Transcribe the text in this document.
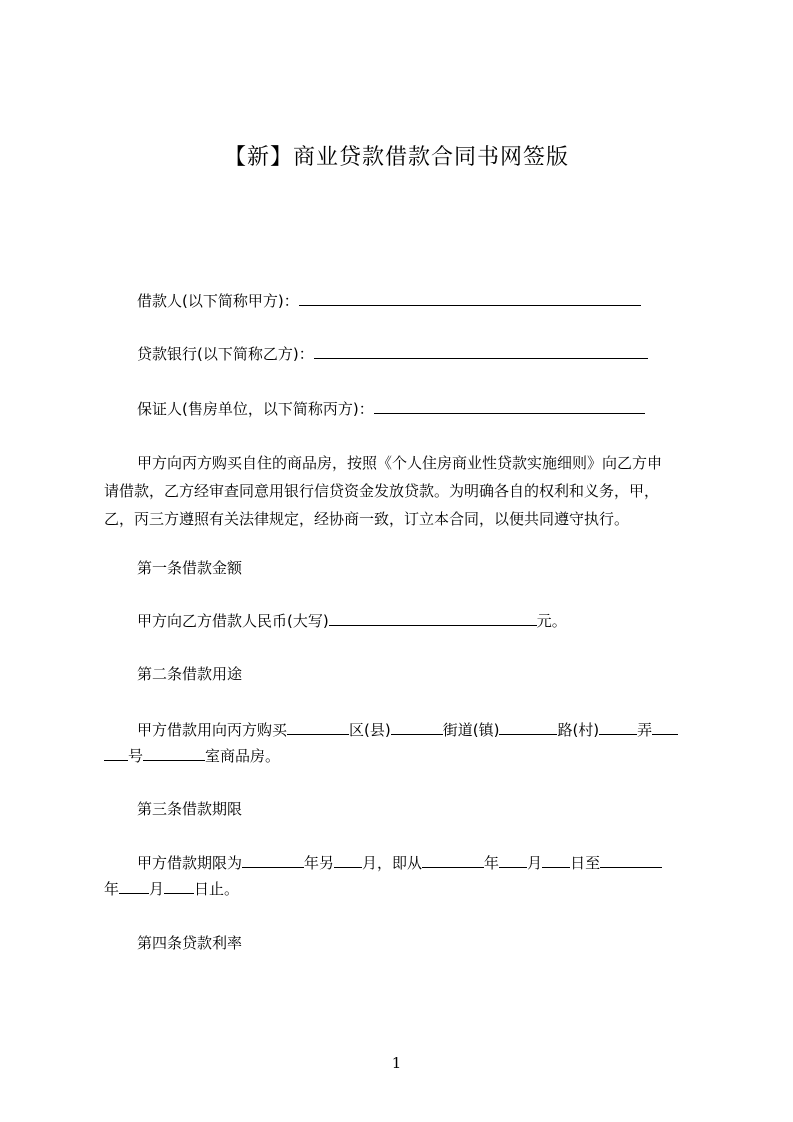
【新】商业贷款借款合同书网签版
借款人(以下简称甲方)：
贷款银行(以下简称乙方)：
保证人(售房单位，以下简称丙方)：
甲方向丙方购买自住的商品房，按照《个人住房商业性贷款实施细则》向乙方申
请借款，乙方经审查同意用银行信贷资金发放贷款。为明确各自的权利和义务，甲，
乙，丙三方遵照有关法律规定，经协商一致，订立本合同，以便共同遵守执行。
第一条借款金额
甲方向乙方借款人民币(大写)	元。
第二条借款用途
甲方借款用向丙方购买	区(县)	街道(镇)	路(村)	弄
号	室商品房。
第三条借款期限
甲方借款期限为	年另 月，即从	年 月 日至
年 月 日止。
第四条贷款利率
1
